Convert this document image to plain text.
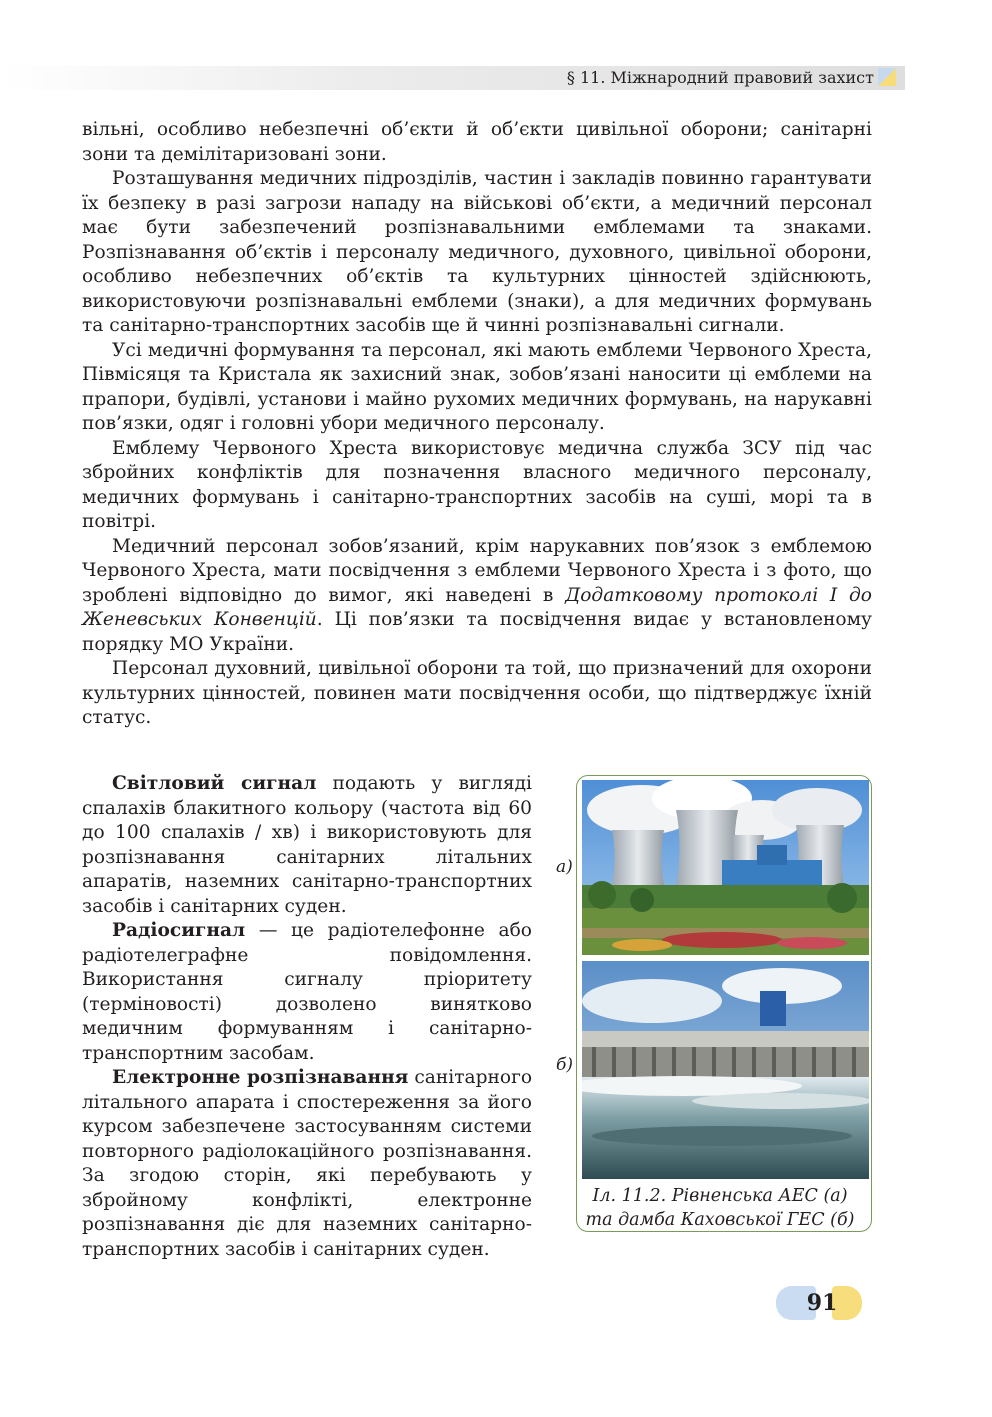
§ 11. Міжнародний правовий захист

вільні, особливо небезпечні об’єкти й об’єкти цивільної оборони; санітарні зони та демілітаризовані зони.

Розташування медичних підрозділів, частин і закладів повинно гарантувати їх безпеку в разі загрози нападу на військові об’єкти, а медичний персонал має бути забезпечений розпізнавальними емблемами та знаками. Розпізнавання об’єктів і персоналу медичного, духовного, цивільної оборони, особливо небезпечних об’єктів та культурних цінностей здійснюють, використовуючи розпізнавальні емблеми (знаки), а для медичних формувань та санітарно-транспортних засобів ще й чинні розпізнавальні сигнали.

Усі медичні формування та персонал, які мають емблеми Червоного Хреста, Півмісяця та Кристала як захисний знак, зобов’язані наносити ці емблеми на прапори, будівлі, установи і майно рухомих медичних формувань, на нарукавні пов’язки, одяг і головні убори медичного персоналу.

Емблему Червоного Хреста використовує медична служба ЗСУ під час збройних конфліктів для позначення власного медичного персоналу, медичних формувань і санітарно-транспортних засобів на суші, морі та в повітрі.

Медичний персонал зобов’язаний, крім нарукавних пов’язок з емблемою Червоного Хреста, мати посвідчення з емблеми Червоного Хреста і з фото, що зроблені відповідно до вимог, які наведені в Додатковому протоколі І до Женевських Конвенцій. Ці пов’язки та посвідчення видає у встановленому порядку МО України.

Персонал духовний, цивільної оборони та той, що призначений для охорони культурних цінностей, повинен мати посвідчення особи, що підтверджує їхній статус.

Світловий сигнал подають у вигляді спалахів блакитного кольору (частота від 60 до 100 спалахів / хв) і використовують для розпізнавання санітарних літальних апаратів, наземних санітарно-транспортних засобів і санітарних суден.

Радіосигнал — це радіотелефонне або радіотелеграфне повідомлення. Використання сигналу пріоритету (терміновості) дозволено винятково медичним формуванням і санітарно-транспортним засобам.

Електронне розпізнавання санітарного літального апарата і спостереження за його курсом забезпечене застосуванням системи повторного радіолокаційного розпізнавання. За згодою сторін, які перебувають у збройному конфлікті, електронне розпізнавання діє для наземних санітарно-транспортних засобів і санітарних суден.

а)
б)
Іл. 11.2. Рівненська АЕС (а)
та дамба Каховської ГЕС (б)
91
